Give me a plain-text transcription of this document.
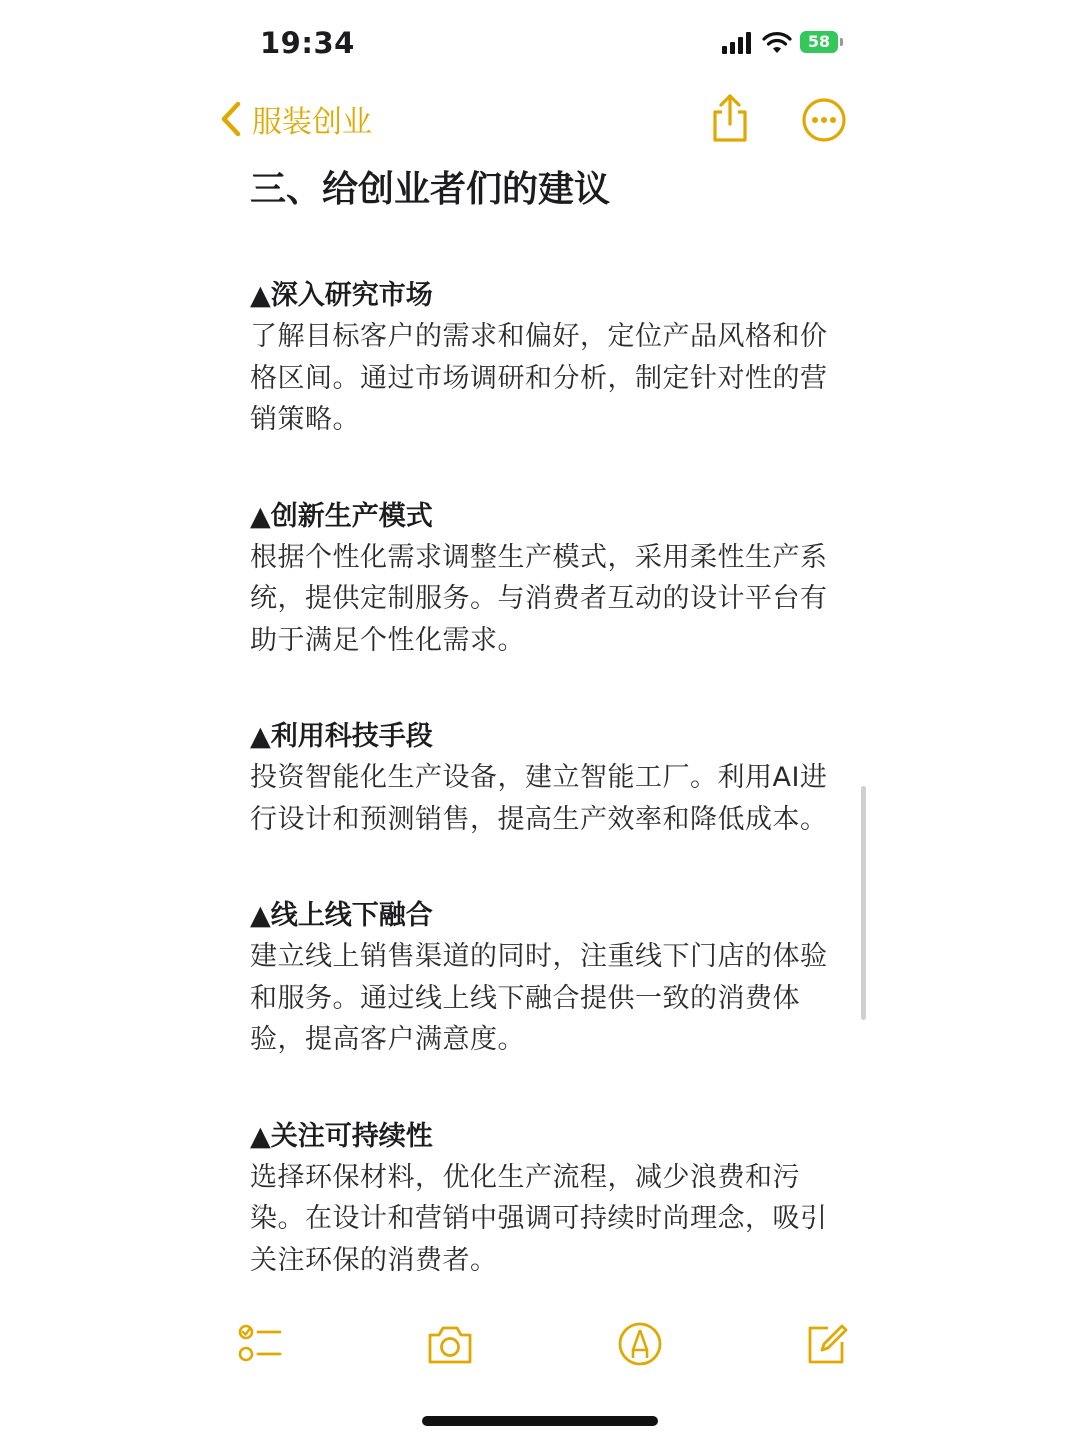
19:34	58
服装创业
三、给创业者们的建议
▲深入研究市场
了解目标客户的需求和偏好，定位产品风格和价格区间。通过市场调研和分析，制定针对性的营销策略。
▲创新生产模式
根据个性化需求调整生产模式，采用柔性生产系统，提供定制服务。与消费者互动的设计平台有助于满足个性化需求。
▲利用科技手段
投资智能化生产设备，建立智能工厂。利用AI进行设计和预测销售，提高生产效率和降低成本。
▲线上线下融合
建立线上销售渠道的同时，注重线下门店的体验和服务。通过线上线下融合提供一致的消费体验，提高客户满意度。
▲关注可持续性
选择环保材料，优化生产流程，减少浪费和污染。在设计和营销中强调可持续时尚理念，吸引关注环保的消费者。
